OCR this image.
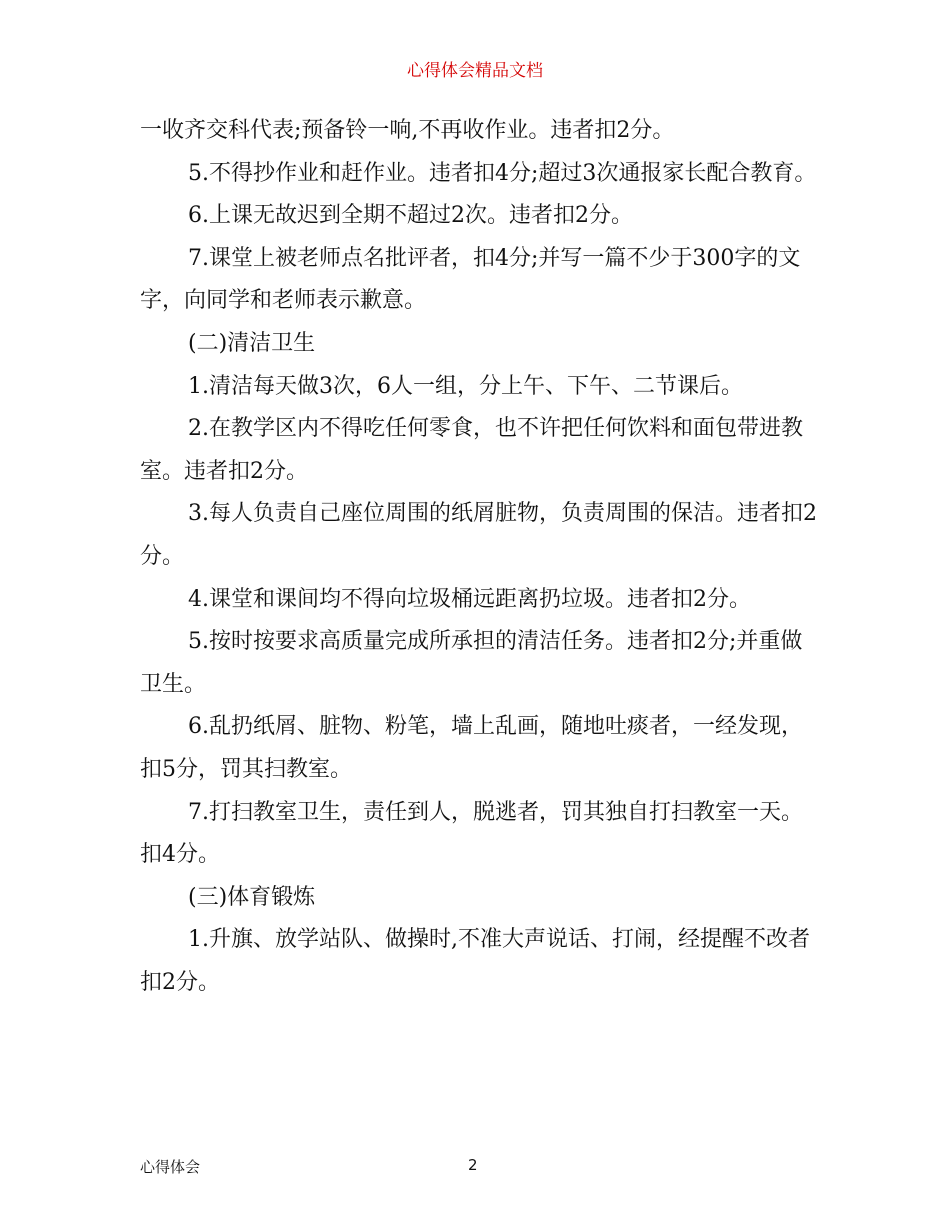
心得体会精品文档

一收齐交科代表;预备铃一响,不再收作业。违者扣2分。

5.不得抄作业和赶作业。违者扣4分;超过3次通报家长配合教育。

6.上课无故迟到全期不超过2次。违者扣2分。

7.课堂上被老师点名批评者，扣4分;并写一篇不少于300字的文字，向同学和老师表示歉意。

(二)清洁卫生

1.清洁每天做3次，6人一组，分上午、下午、二节课后。

2.在教学区内不得吃任何零食，也不许把任何饮料和面包带进教室。违者扣2分。

3.每人负责自己座位周围的纸屑脏物，负责周围的保洁。违者扣2分。

4.课堂和课间均不得向垃圾桶远距离扔垃圾。违者扣2分。

5.按时按要求高质量完成所承担的清洁任务。违者扣2分;并重做卫生。

6.乱扔纸屑、脏物、粉笔，墙上乱画，随地吐痰者，一经发现，扣5分，罚其扫教室。

7.打扫教室卫生，责任到人，脱逃者，罚其独自打扫教室一天。扣4分。

(三)体育锻炼

1.升旗、放学站队、做操时,不准大声说话、打闹，经提醒不改者扣2分。

心得体会	2
